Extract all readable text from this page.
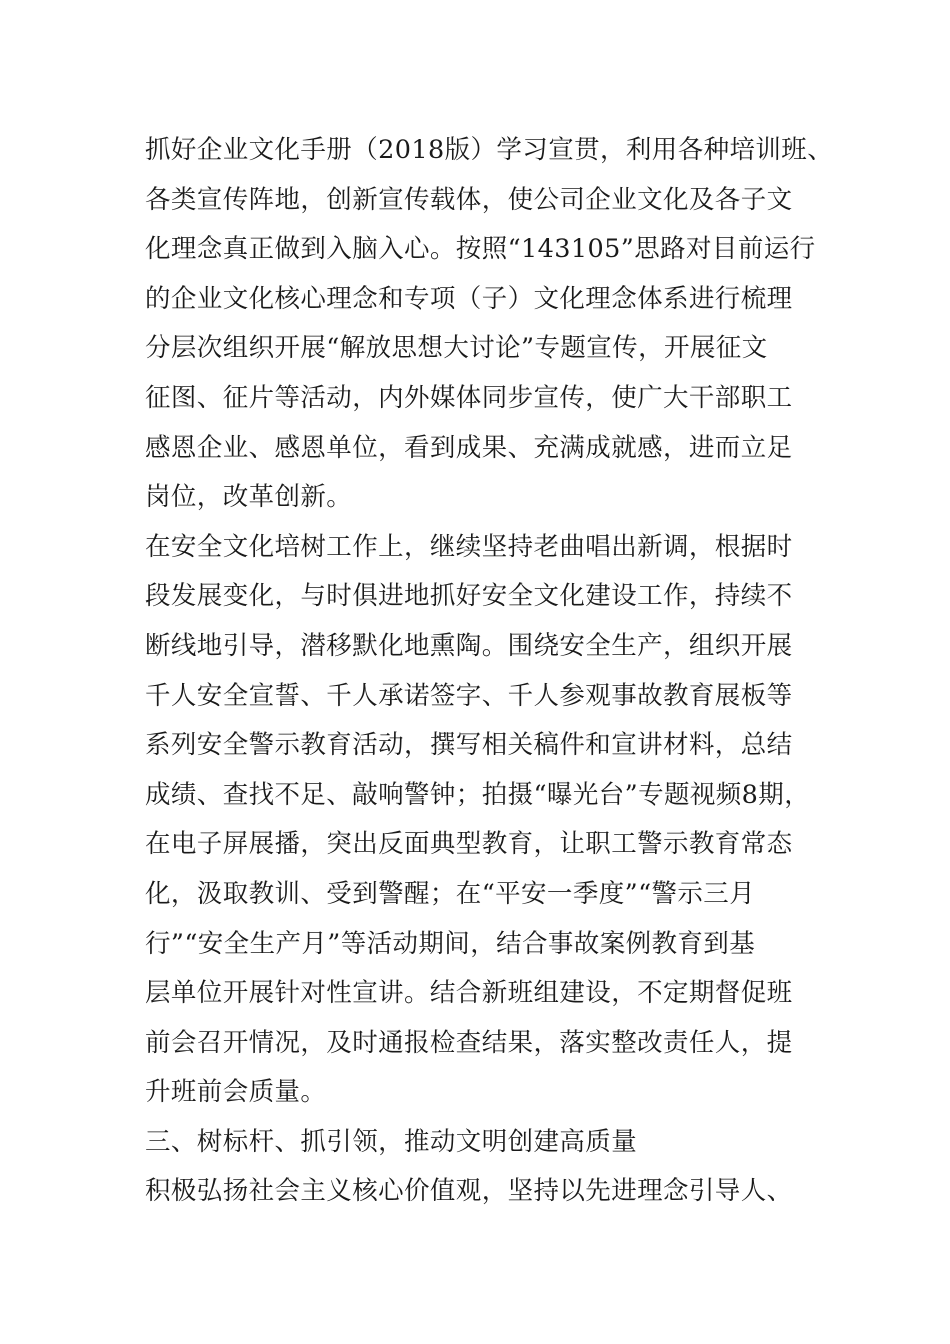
抓好企业文化手册（2018版）学习宣贯，利用各种培训班、
各类宣传阵地，创新宣传载体，使公司企业文化及各子文
化理念真正做到入脑入心。按照“143105”思路对目前运行
的企业文化核心理念和专项（子）文化理念体系进行梳理
分层次组织开展“解放思想大讨论”专题宣传，开展征文
征图、征片等活动，内外媒体同步宣传，使广大干部职工
感恩企业、感恩单位，看到成果、充满成就感，进而立足
岗位，改革创新。
在安全文化培树工作上，继续坚持老曲唱出新调，根据时
段发展变化，与时俱进地抓好安全文化建设工作，持续不
断线地引导，潜移默化地熏陶。围绕安全生产，组织开展
千人安全宣誓、千人承诺签字、千人参观事故教育展板等
系列安全警示教育活动，撰写相关稿件和宣讲材料，总结
成绩、查找不足、敲响警钟；拍摄“曝光台”专题视频8期，
在电子屏展播，突出反面典型教育，让职工警示教育常态
化，汲取教训、受到警醒；在“平安一季度”“警示三月
行”“安全生产月”等活动期间，结合事故案例教育到基
层单位开展针对性宣讲。结合新班组建设，不定期督促班
前会召开情况，及时通报检查结果，落实整改责任人，提
升班前会质量。
三、树标杆、抓引领，推动文明创建高质量
积极弘扬社会主义核心价值观，坚持以先进理念引导人、
